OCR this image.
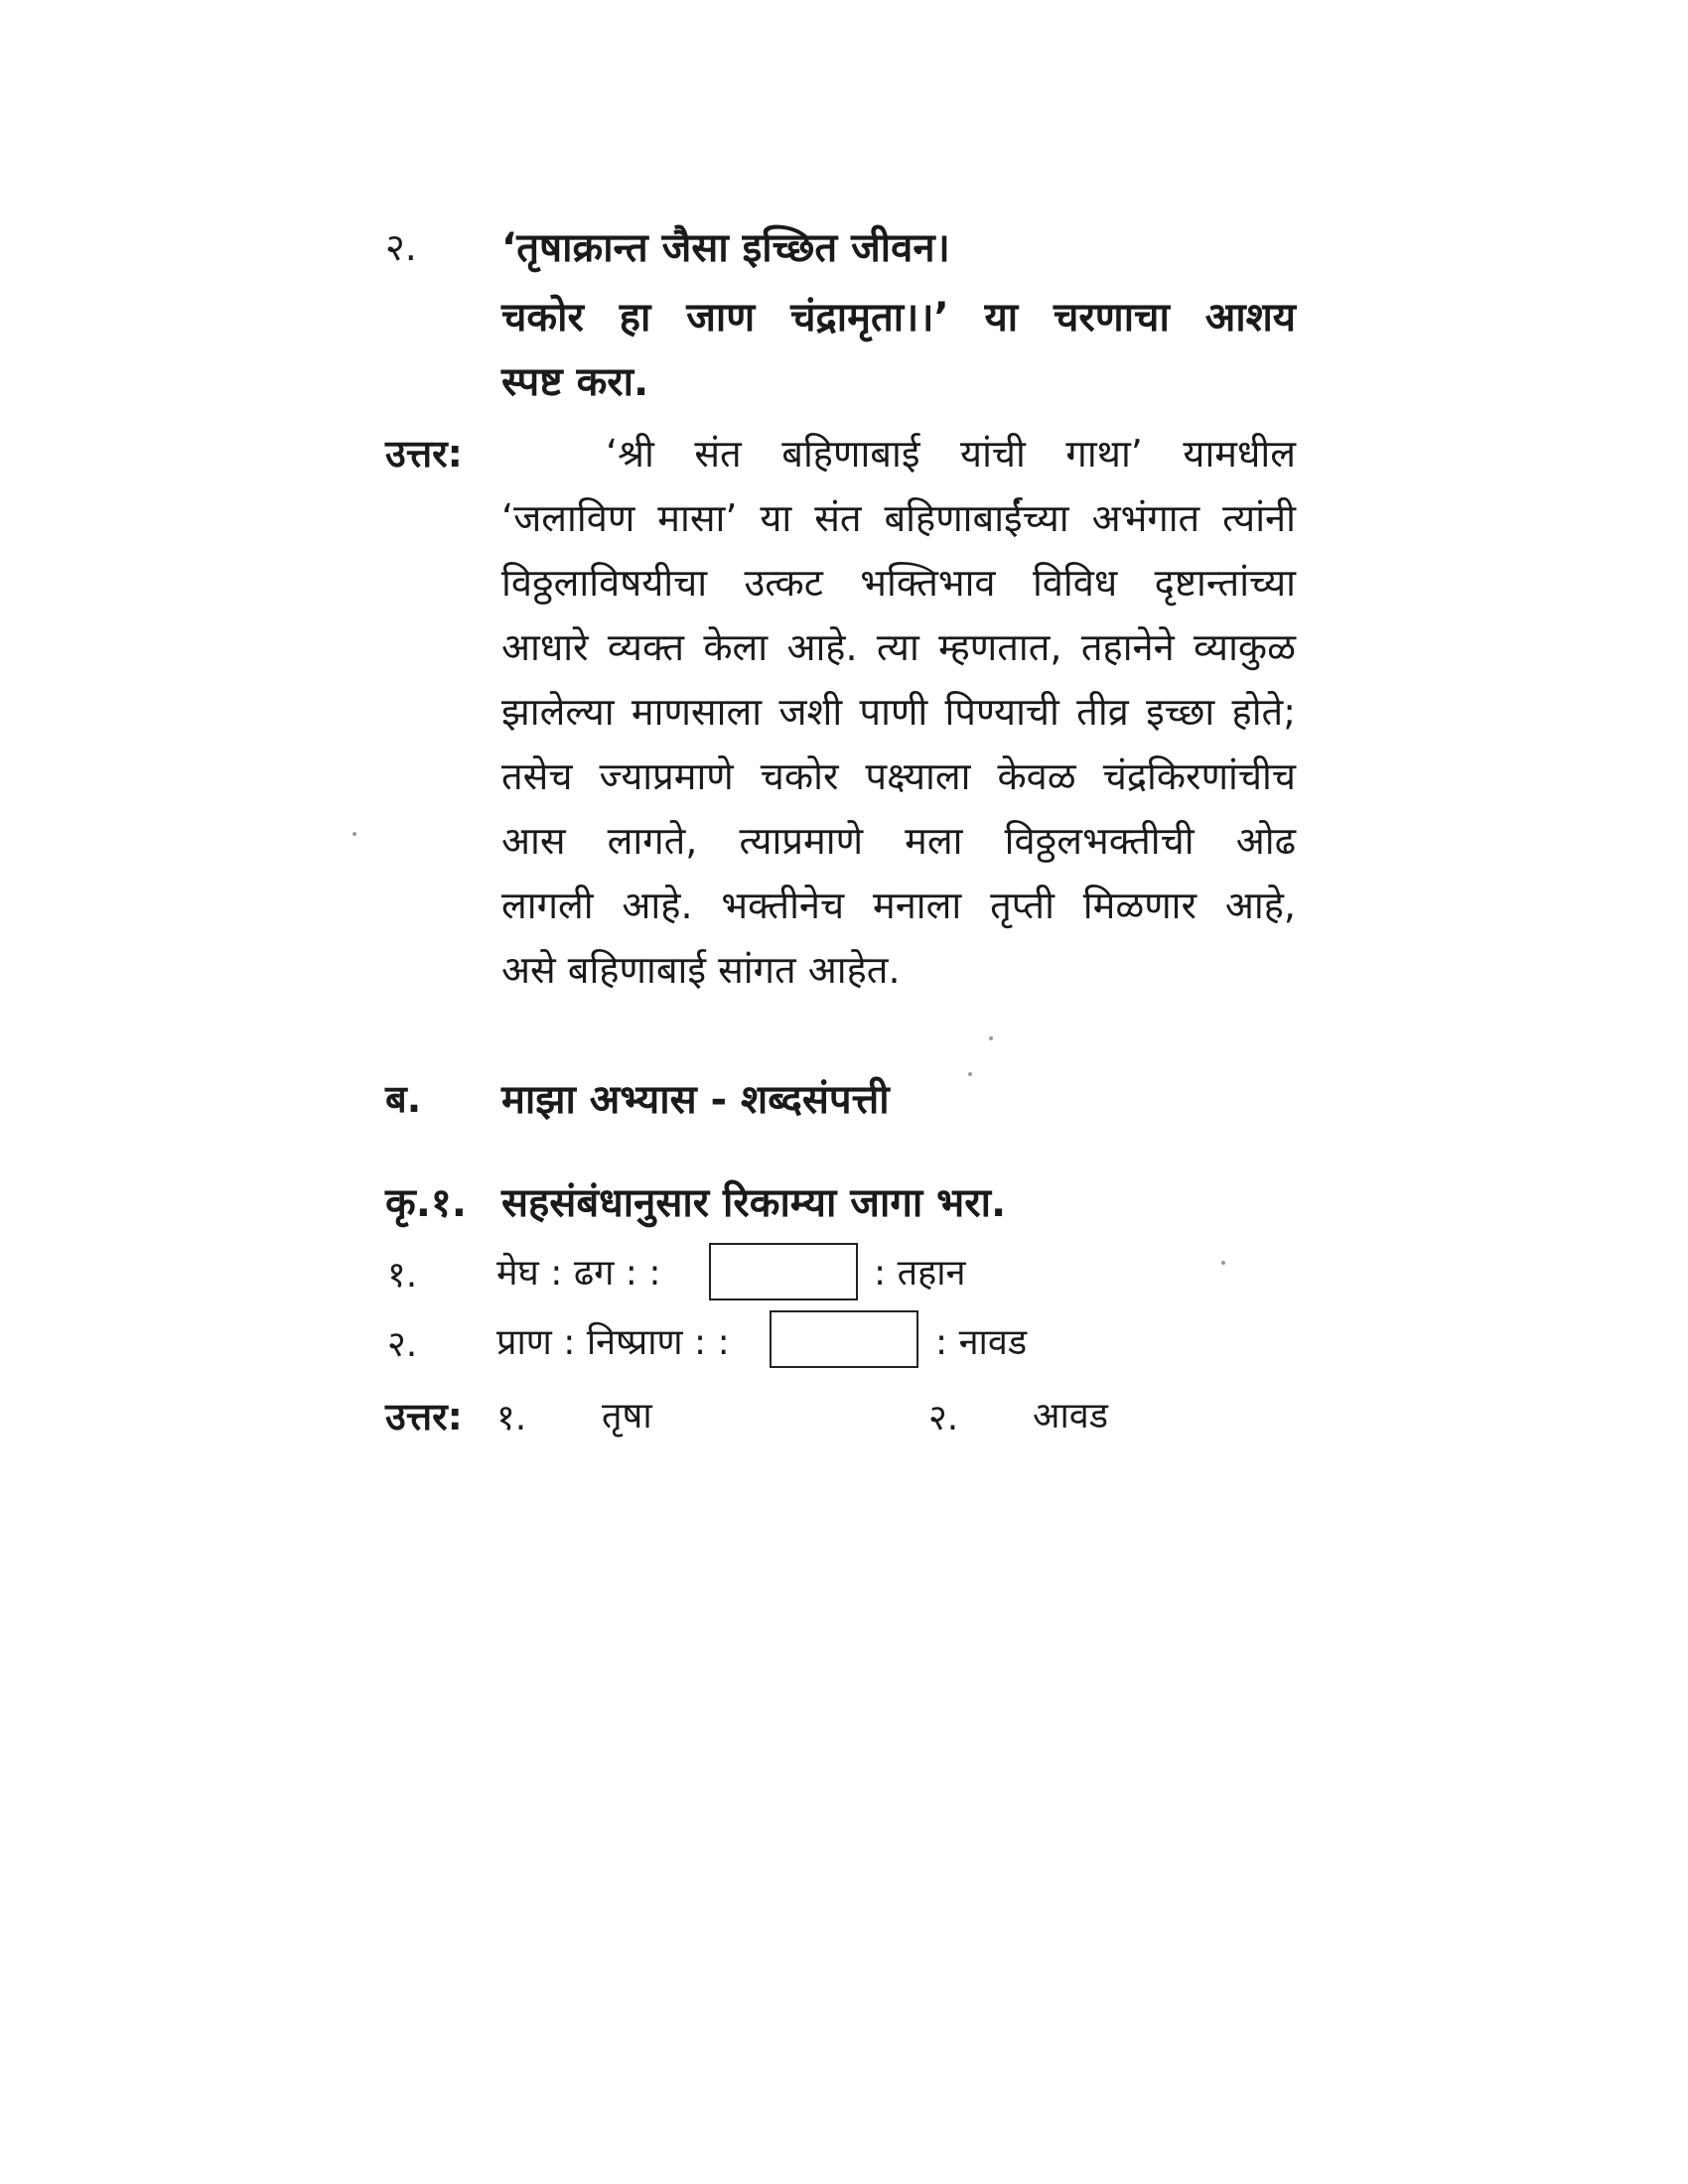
२. ‘तृषाक्रान्त जैसा इच्छित जीवन।
चकोर हा जाण चंद्रामृता।।’ या चरणाचा आशय
स्पष्ट करा.
उत्तर:	‘श्री संत बहिणाबाई यांची गाथा’ यामधील
‘जलाविण मासा’ या संत बहिणाबाईंच्या अभंगात त्यांनी
विठ्ठलाविषयीचा उत्कट भक्तिभाव विविध दृष्टान्तांच्या
आधारे व्यक्त केला आहे. त्या म्हणतात, तहानेने व्याकुळ
झालेल्या माणसाला जशी पाणी पिण्याची तीव्र इच्छा होते;
तसेच ज्याप्रमाणे चकोर पक्ष्याला केवळ चंद्रकिरणांचीच
आस लागते, त्याप्रमाणे मला विठ्ठलभक्तीची ओढ
लागली आहे. भक्तीनेच मनाला तृप्ती मिळणार आहे,
असे बहिणाबाई सांगत आहेत.
ब. माझा अभ्यास - शब्दसंपत्ती
कृ.१. सहसंबंधानुसार रिकाम्या जागा भरा.
१. मेघ : ढग : :	: तहान
२. प्राण : निष्प्राण : :	: नावड
उत्तर: १. तृषा	२. आवड
